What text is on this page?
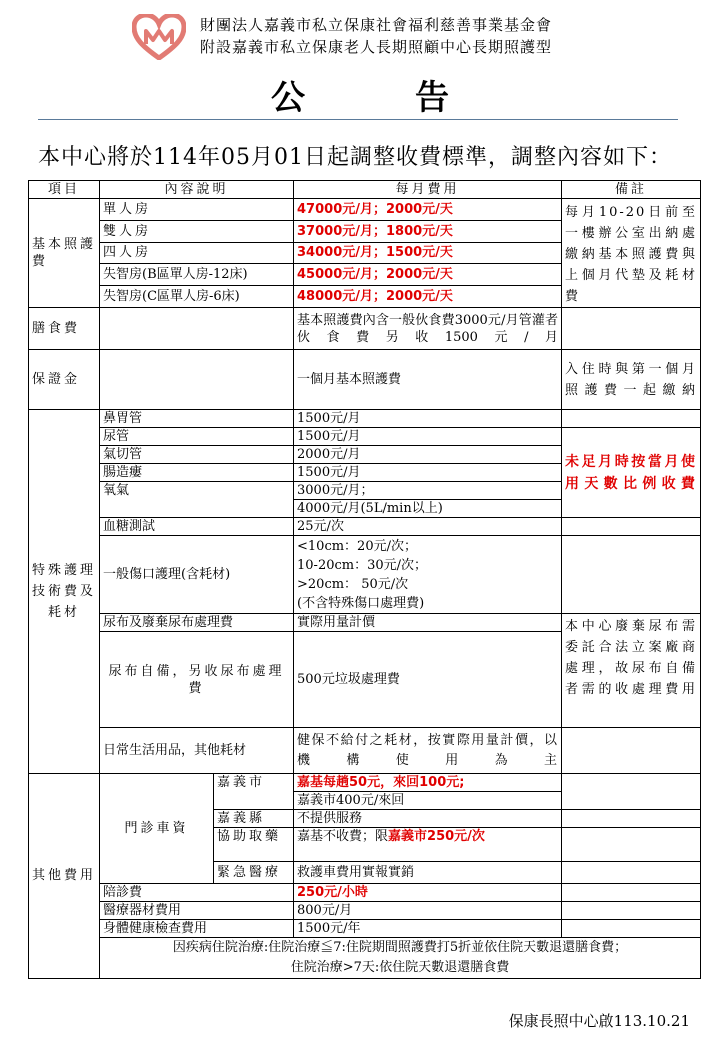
財團法人嘉義市私立保康社會福利慈善事業基金會
附設嘉義市私立保康老人長期照顧中心長期照護型
公告
本中心將於114年05月01日起調整收費標準，調整內容如下：
項目	內容說明		每月費用	備註
基本照護費	單人房		47000元/月；2000元/天	每月10-20日前至一樓辦公室出納處繳納基本照護費與上個月代墊及耗材費
	雙人房		37000元/月；1800元/天	
	四人房		34000元/月；1500元/天	
	失智房(B區單人房-12床)		45000元/月；2000元/天	
	失智房(C區單人房-6床)		48000元/月；2000元/天	
膳食費			基本照護費內含一般伙食費3000元/月管灌者伙食費另收1500元/月	
保證金			一個月基本照護費	入住時與第一個月照護費一起繳納
特殊護理技術費及耗材	鼻胃管		1500元/月	
	尿管		1500元/月	未足月時按當月使用天數比例收費
	氣切管		2000元/月	
	腸造瘻		1500元/月	
	氧氣		3000元/月；	
			4000元/月(5L/min以上)	
	血糖測試		25元/次	
	一般傷口護理(含耗材)		<10cm：20元/次；
10-20cm：30元/次；
>20cm： 50元/次
(不含特殊傷口處理費)	

	尿布及廢棄尿布處理費		實際用量計價	本中心廢棄尿布需委託合法立案廠商處理，故尿布自備者需的收處理費用
	尿布自備，另收尿布處理費		500元垃圾處理費	
	日常生活用品，其他耗材		健保不給付之耗材，按實際用量計價，以機構使用為主	
其他費用	門診車資	嘉義市	嘉基每趟50元，來回100元;	
			嘉義市400元/來回	
		嘉義縣	不提供服務	
		協助取藥	嘉基不收費；限嘉義市250元/次	
		緊急醫療	救護車費用實報實銷	
	陪診費		250元/小時	
	醫療器材費用		800元/月	
	身體健康檢查費用		1500元/年	

	因疾病住院治療:住院治療≦7:住院期間照護費打5折並依住院天數退還膳食費；
住院治療>7天:依住院天數退還膳食費			
保康長照中心啟113.10.21
